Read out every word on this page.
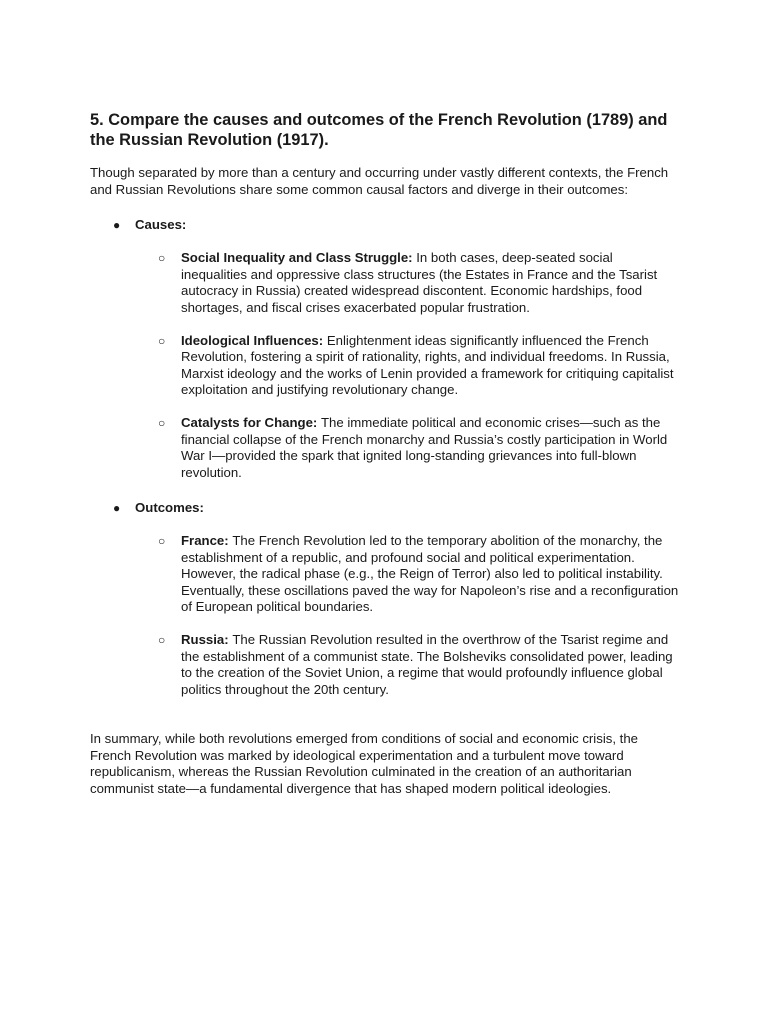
5. Compare the causes and outcomes of the French Revolution (1789) and the Russian Revolution (1917).

Though separated by more than a century and occurring under vastly different contexts, the French and Russian Revolutions share some common causal factors and diverge in their outcomes:

● Causes:
○ Social Inequality and Class Struggle: In both cases, deep-seated social inequalities and oppressive class structures (the Estates in France and the Tsarist autocracy in Russia) created widespread discontent. Economic hardships, food shortages, and fiscal crises exacerbated popular frustration.
○ Ideological Influences: Enlightenment ideas significantly influenced the French Revolution, fostering a spirit of rationality, rights, and individual freedoms. In Russia, Marxist ideology and the works of Lenin provided a framework for critiquing capitalist exploitation and justifying revolutionary change.
○ Catalysts for Change: The immediate political and economic crises—such as the financial collapse of the French monarchy and Russia’s costly participation in World War I—provided the spark that ignited long-standing grievances into full-blown revolution.
● Outcomes:
○ France: The French Revolution led to the temporary abolition of the monarchy, the establishment of a republic, and profound social and political experimentation. However, the radical phase (e.g., the Reign of Terror) also led to political instability. Eventually, these oscillations paved the way for Napoleon’s rise and a reconfiguration of European political boundaries.
○ Russia: The Russian Revolution resulted in the overthrow of the Tsarist regime and the establishment of a communist state. The Bolsheviks consolidated power, leading to the creation of the Soviet Union, a regime that would profoundly influence global politics throughout the 20th century.

In summary, while both revolutions emerged from conditions of social and economic crisis, the French Revolution was marked by ideological experimentation and a turbulent move toward republicanism, whereas the Russian Revolution culminated in the creation of an authoritarian communist state—a fundamental divergence that has shaped modern political ideologies.
